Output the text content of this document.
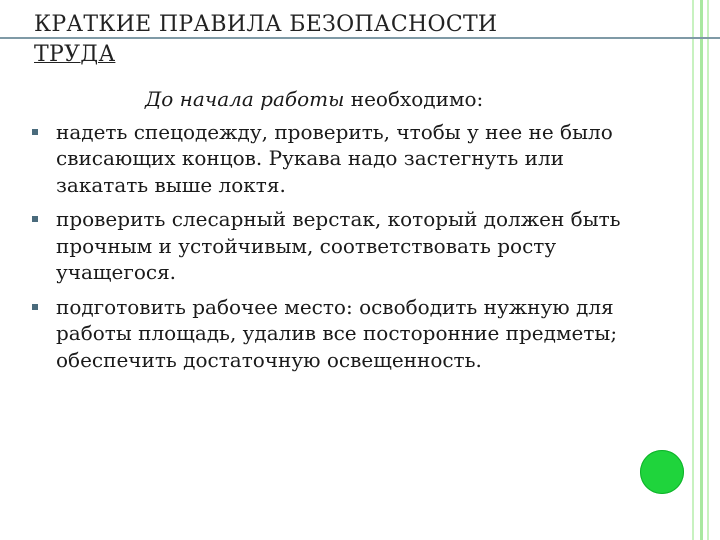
КРАТКИЕ ПРАВИЛА БЕЗОПАСНОСТИ
ТРУДА

До начала работы необходимо:

надеть спецодежду, проверить, чтобы у нее не было свисающих концов. Рукава надо застегнуть или закатать выше локтя.
проверить слесарный верстак, который должен быть прочным и устойчивым, соответствовать росту учащегося.
подготовить рабочее место: освободить нужную для работы площадь, удалив все посторонние предметы; обеспечить достаточную освещенность.
